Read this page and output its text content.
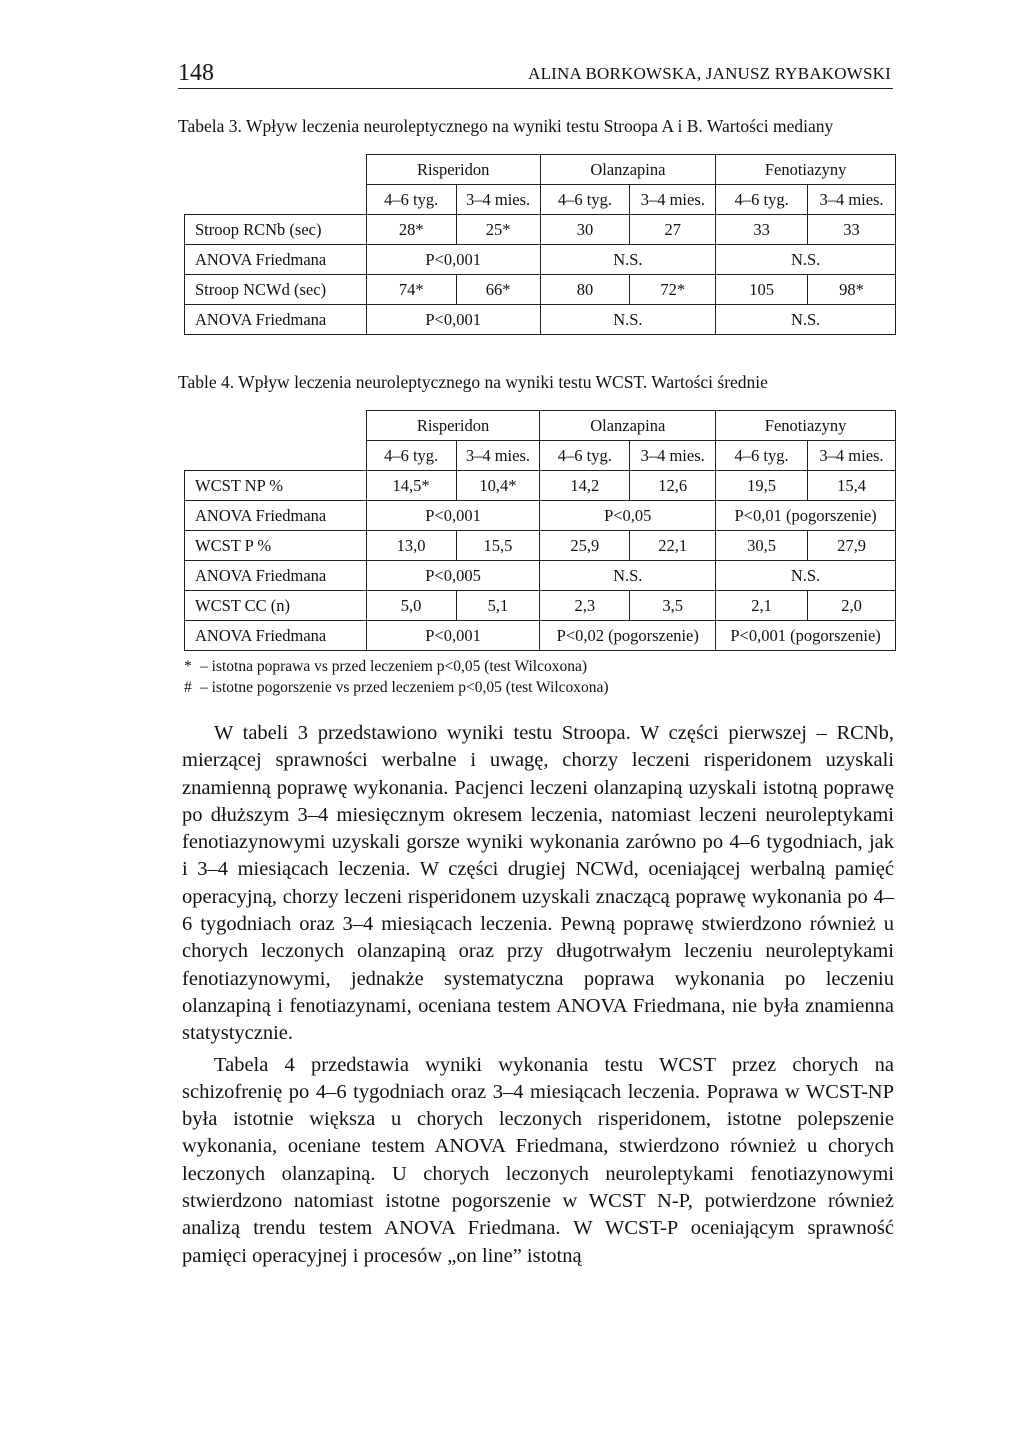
148	ALINA BORKOWSKA, JANUSZ RYBAKOWSKI
Tabela 3. Wpływ leczenia neuroleptycznego na wyniki testu Stroopa A i B. Wartości mediany
	Risperidon		Olanzapina		Fenotiazyny	
	4–6 tyg.	3–4 mies.	4–6 tyg.	3–4 mies.	4–6 tyg.	3–4 mies.
Stroop RCNb (sec)	28*	25*	30	27	33	33
ANOVA Friedmana	P<0,001		N.S.		N.S.	
Stroop NCWd (sec)	74*	66*	80	72*	105	98*
ANOVA Friedmana	P<0,001		N.S.		N.S.	
Table 4. Wpływ leczenia neuroleptycznego na wyniki testu WCST. Wartości średnie
	Risperidon		Olanzapina		Fenotiazyny	
	4–6 tyg.	3–4 mies.	4–6 tyg.	3–4 mies.	4–6 tyg.	3–4 mies.
WCST NP %	14,5*	10,4*	14,2	12,6	19,5	15,4
ANOVA Friedmana	P<0,001		P<0,05		P<0,01 (pogorszenie)	
WCST P %	13,0	15,5	25,9	22,1	30,5	27,9
ANOVA Friedmana	P<0,005		N.S.		N.S.	
WCST CC (n)	5,0	5,1	2,3	3,5	2,1	2,0
ANOVA Friedmana	P<0,001		P<0,02 (pogorszenie)		P<0,001 (pogorszenie)	
* – istotna poprawa vs przed leczeniem p<0,05 (test Wilcoxona)
# – istotne pogorszenie vs przed leczeniem p<0,05 (test Wilcoxona)

W tabeli 3 przedstawiono wyniki testu Stroopa. W części pierwszej – RCNb, mierzącej sprawności werbalne i uwagę, chorzy leczeni risperidonem uzyskali znamienną poprawę wykonania. Pacjenci leczeni olanzapiną uzyskali istotną poprawę po dłuższym 3–4 miesięcznym okresem leczenia, natomiast leczeni neuroleptykami fenotiazynowymi uzyskali gorsze wyniki wykonania zarówno po 4–6 tygodniach, jak i 3–4 miesiącach leczenia. W części drugiej NCWd, oceniającej werbalną pamięć operacyjną, chorzy leczeni risperidonem uzyskali znaczącą poprawę wykonania po 4–6 tygodniach oraz 3–4 miesiącach leczenia. Pewną poprawę stwierdzono również u chorych leczonych olanzapiną oraz przy długotrwałym leczeniu neuroleptykami fenotiazynowymi, jednakże systematyczna poprawa wykonania po leczeniu olanzapiną i fenotiazynami, oceniana testem ANOVA Friedmana, nie była znamienna statystycznie.

Tabela 4 przedstawia wyniki wykonania testu WCST przez chorych na schizofrenię po 4–6 tygodniach oraz 3–4 miesiącach leczenia. Poprawa w WCST-NP była istotnie większa u chorych leczonych risperidonem, istotne polepszenie wykonania, oceniane testem ANOVA Friedmana, stwierdzono również u chorych leczonych olanzapiną. U chorych leczonych neuroleptykami fenotiazynowymi stwierdzono natomiast istotne pogorszenie w WCST N-P, potwierdzone również analizą trendu testem ANOVA Friedmana. W WCST-P oceniającym sprawność pamięci operacyjnej i procesów „on line” istotną
